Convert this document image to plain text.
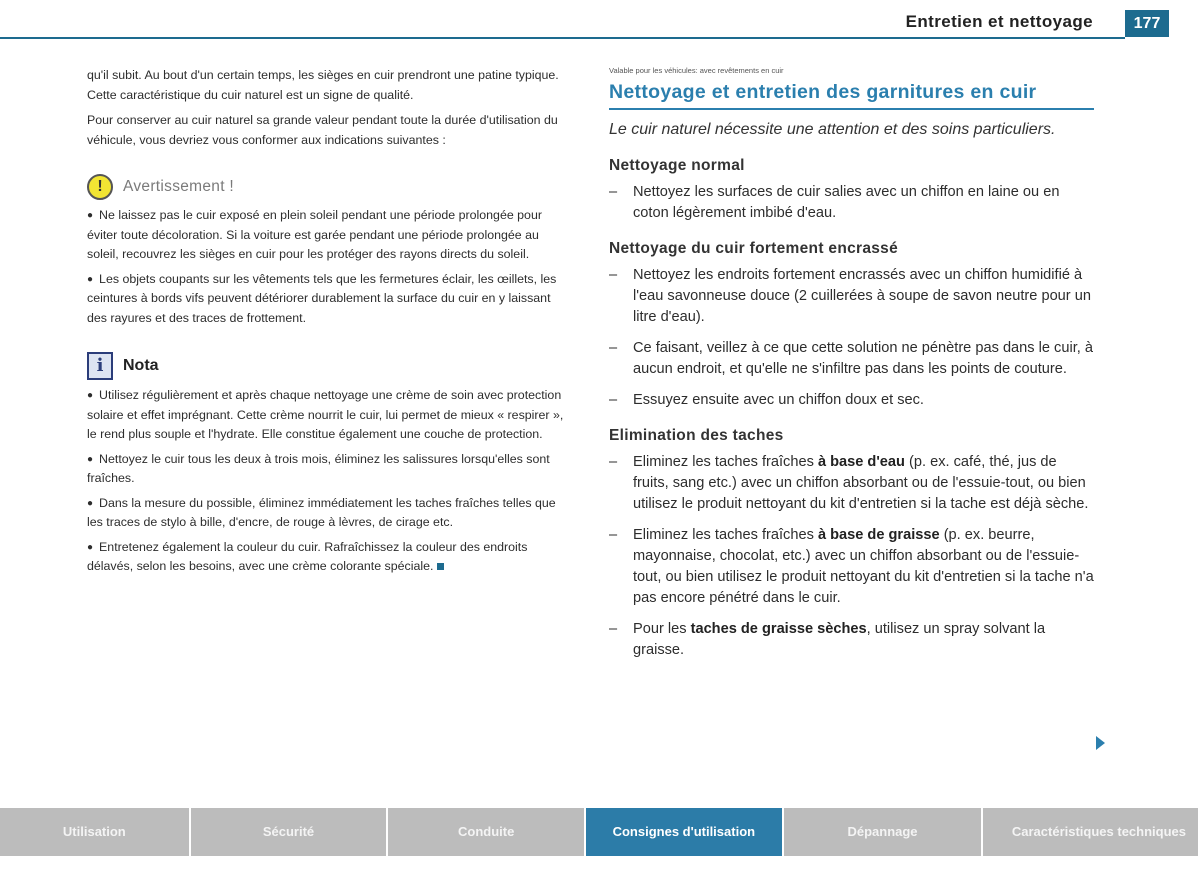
Entretien et nettoyage	177

qu'il subit. Au bout d'un certain temps, les sièges en cuir prendront une patine typique. Cette caractéristique du cuir naturel est un signe de qualité.

Pour conserver au cuir naturel sa grande valeur pendant toute la durée d'utilisation du véhicule, vous devriez vous conformer aux indications suivantes :

!	Avertissement !

● Ne laissez pas le cuir exposé en plein soleil pendant une période prolongée pour éviter toute décoloration. Si la voiture est garée pendant une période prolongée au soleil, recouvrez les sièges en cuir pour les protéger des rayons directs du soleil.

● Les objets coupants sur les vêtements tels que les fermetures éclair, les œillets, les ceintures à bords vifs peuvent détériorer durablement la surface du cuir en y laissant des rayures et des traces de frottement.

i	Nota

● Utilisez régulièrement et après chaque nettoyage une crème de soin avec protection solaire et effet imprégnant. Cette crème nourrit le cuir, lui permet de mieux « respirer », le rend plus souple et l'hydrate. Elle constitue également une couche de protection.

● Nettoyez le cuir tous les deux à trois mois, éliminez les salissures lorsqu'elles sont fraîches.

● Dans la mesure du possible, éliminez immédiatement les taches fraîches telles que les traces de stylo à bille, d'encre, de rouge à lèvres, de cirage etc.

● Entretenez également la couleur du cuir. Rafraîchissez la couleur des endroits délavés, selon les besoins, avec une crème colorante spéciale.

Valable pour les véhicules: avec revêtements en cuir
Nettoyage et entretien des garnitures en cuir

Le cuir naturel nécessite une attention et des soins particuliers.

Nettoyage normal
– Nettoyez les surfaces de cuir salies avec un chiffon en laine ou en coton légèrement imbibé d'eau.
Nettoyage du cuir fortement encrassé
– Nettoyez les endroits fortement encrassés avec un chiffon humidifié à l'eau savonneuse douce (2 cuillerées à soupe de savon neutre pour un litre d'eau).
– Ce faisant, veillez à ce que cette solution ne pénètre pas dans le cuir, à aucun endroit, et qu'elle ne s'infiltre pas dans les points de couture.
– Essuyez ensuite avec un chiffon doux et sec.
Elimination des taches
– Eliminez les taches fraîches à base d'eau (p. ex. café, thé, jus de fruits, sang etc.) avec un chiffon absorbant ou de l'essuie-tout, ou bien utilisez le produit nettoyant du kit d'entretien si la tache est déjà sèche.
– Eliminez les taches fraîches à base de graisse (p. ex. beurre, mayonnaise, chocolat, etc.) avec un chiffon absorbant ou de l'essuie-tout, ou bien utilisez le produit nettoyant du kit d'entretien si la tache n'a pas encore pénétré dans le cuir.
– Pour les taches de graisse sèches, utilisez un spray solvant la graisse.
Utilisation	Sécurité	Conduite	Consignes d'utilisation	Dépannage	Caractéristiques techniques
